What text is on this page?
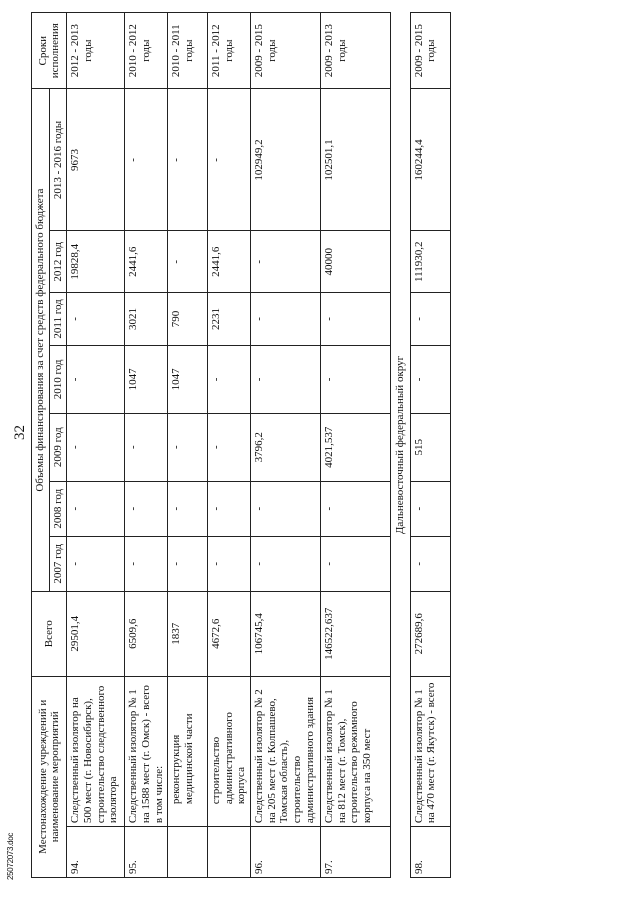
32
25072073.doc
Местонахождение учреждений и наименование мероприятий		Всего	Объемы финансирования за счет средств федерального бюджета							Сроки исполнения
			2007 год	2008 год	2009 год	2010 год	2011 год	2012 год	2013 - 2016 годы	
94.	Следственный изолятор на 500 мест (г. Новосибирск), строительство следственного изолятора	29501,4	-	-	-	-	-	19828,4	9673	2012 - 2013 годы
95.	Следственный изолятор № 1 на 1588 мест (г. Омск) - всего в том числе:	6509,6	-	-	-	1047	3021	2441,6	-	2010 - 2012 годы
	реконструкция медицинской части	1837	-	-	-	1047	790	-	-	2010 - 2011 годы
	строительство административного корпуса	4672,6	-	-	-	-	2231	2441,6	-	2011 - 2012 годы
96.	Следственный изолятор № 2 на 205 мест (г. Колпашево, Томская область), строительство административного здания	106745,4	-	-	3796,2	-	-	-	102949,2	2009 - 2015 годы
97.	Следственный изолятор № 1 на 812 мест (г. Томск), строительство режимного корпуса на 350 мест	146522,637	-	-	4021,537	-	-	40000	102501,1	2009 - 2013 годы
Дальневосточный федеральный округ										
98.	Следственный изолятор № 1 на 470 мест (г. Якутск) - всего	272689,6	-	-	515	-	-	111930,2	160244,4	2009 - 2015 годы
